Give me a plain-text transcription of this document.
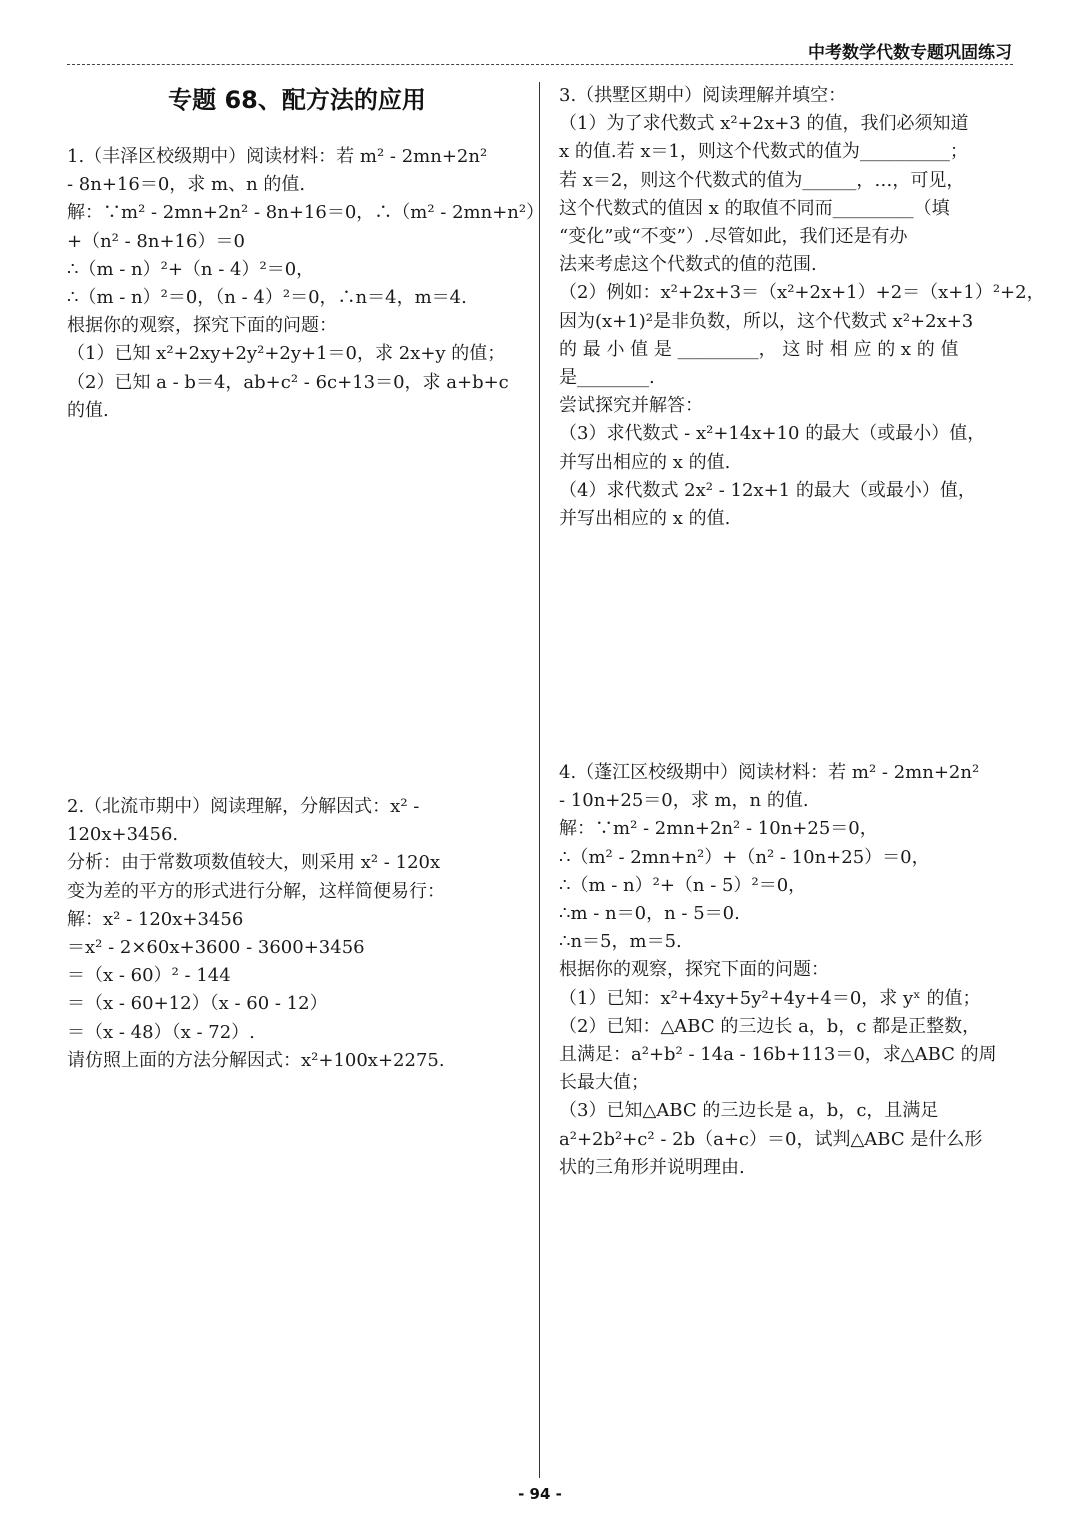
中考数学代数专题巩固练习
专题 68、配方法的应用
1.（丰泽区校级期中）阅读材料：若 m² - 2mn+2n²
- 8n+16＝0，求 m、n 的值.
解：∵m² - 2mn+2n² - 8n+16＝0，∴（m² - 2mn+n²）
+（n² - 8n+16）＝0
∴（m - n）²+（n - 4）²＝0，
∴（m - n）²＝0，（n - 4）²＝0，∴n＝4，m＝4.
根据你的观察，探究下面的问题：
（1）已知 x²+2xy+2y²+2y+1＝0，求 2x+y 的值；
（2）已知 a - b＝4，ab+c² - 6c+13＝0，求 a+b+c
的值.
2.（北流市期中）阅读理解，分解因式：x² -
120x+3456.
分析：由于常数项数值较大，则采用 x² - 120x
变为差的平方的形式进行分解，这样简便易行：
解：x² - 120x+3456
＝x² - 2×60x+3600 - 3600+3456
＝（x - 60）² - 144
＝（x - 60+12）（x - 60 - 12）
＝（x - 48）（x - 72）.
请仿照上面的方法分解因式：x²+100x+2275.
3.（拱墅区期中）阅读理解并填空：
（1）为了求代数式 x²+2x+3 的值，我们必须知道
x 的值.若 x＝1，则这个代数式的值为__________；
若 x＝2，则这个代数式的值为______，…，可见，
这个代数式的值因 x 的取值不同而_________（填
“变化”或“不变”）.尽管如此，我们还是有办
法来考虑这个代数式的值的范围.
（2）例如：x²+2x+3＝（x²+2x+1）+2＝（x+1）²+2，
因为(x+1)²是非负数，所以，这个代数式 x²+2x+3
的 最 小 值 是 _________， 这 时 相 应 的 x 的 值
是________.
尝试探究并解答：
（3）求代数式 - x²+14x+10 的最大（或最小）值，
并写出相应的 x 的值.
（4）求代数式 2x² - 12x+1 的最大（或最小）值，
并写出相应的 x 的值.
4.（蓬江区校级期中）阅读材料：若 m² - 2mn+2n²
- 10n+25＝0，求 m，n 的值.
解：∵m² - 2mn+2n² - 10n+25＝0，
∴（m² - 2mn+n²）+（n² - 10n+25）＝0，
∴（m - n）²+（n - 5）²＝0，
∴m - n＝0，n - 5＝0.
∴n＝5，m＝5.
根据你的观察，探究下面的问题：
（1）已知：x²+4xy+5y²+4y+4＝0，求 yˣ 的值；
（2）已知：△ABC 的三边长 a，b，c 都是正整数，
且满足：a²+b² - 14a - 16b+113＝0，求△ABC 的周
长最大值；
（3）已知△ABC 的三边长是 a，b，c，且满足
a²+2b²+c² - 2b（a+c）＝0，试判△ABC 是什么形
状的三角形并说明理由.
- 94 -
